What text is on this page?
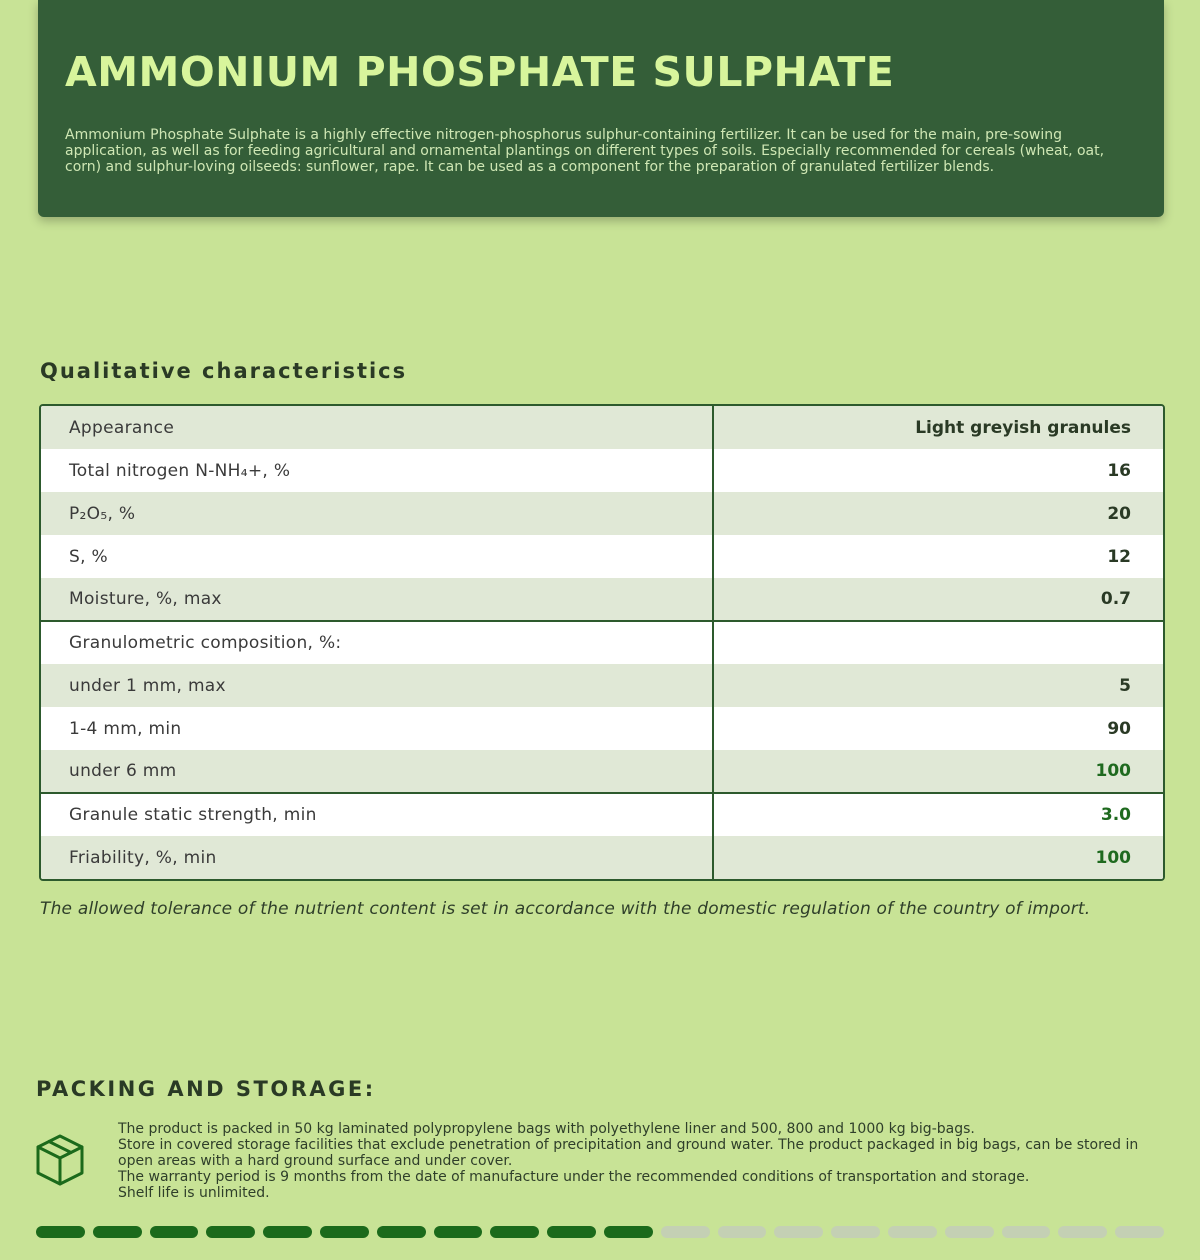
AMMONIUM PHOSPHATE SULPHATE

Ammonium Phosphate Sulphate is a highly effective nitrogen-phosphorus sulphur-containing fertilizer. It can be used for the main, pre-sowing application, as well as for feeding agricultural and ornamental plantings on different types of soils. Especially recommended for cereals (wheat, oat, corn) and sulphur-loving oilseeds: sunflower, rape. It can be used as a component for the preparation of granulated fertilizer blends.

Qualitative characteristics
Appearance	Light greyish granules
Total nitrogen N-NH₄+, %	16
P₂O₅, %	20
S, %	12
Moisture, %, max	0.7
Granulometric composition, %:	
under 1 mm, max	5
1-4 mm, min	90
under 6 mm	100
Granule static strength, min	3.0
Friability, %, min	100

The allowed tolerance of the nutrient content is set in accordance with the domestic regulation of the country of import.

PACKING AND STORAGE:
The product is packed in 50 kg laminated polypropylene bags with polyethylene liner and 500, 800 and 1000 kg big-bags.
Store in covered storage facilities that exclude penetration of precipitation and ground water. The product packaged in big bags, can be stored in open areas with a hard ground surface and under cover.
The warranty period is 9 months from the date of manufacture under the recommended conditions of transportation and storage.
Shelf life is unlimited.
